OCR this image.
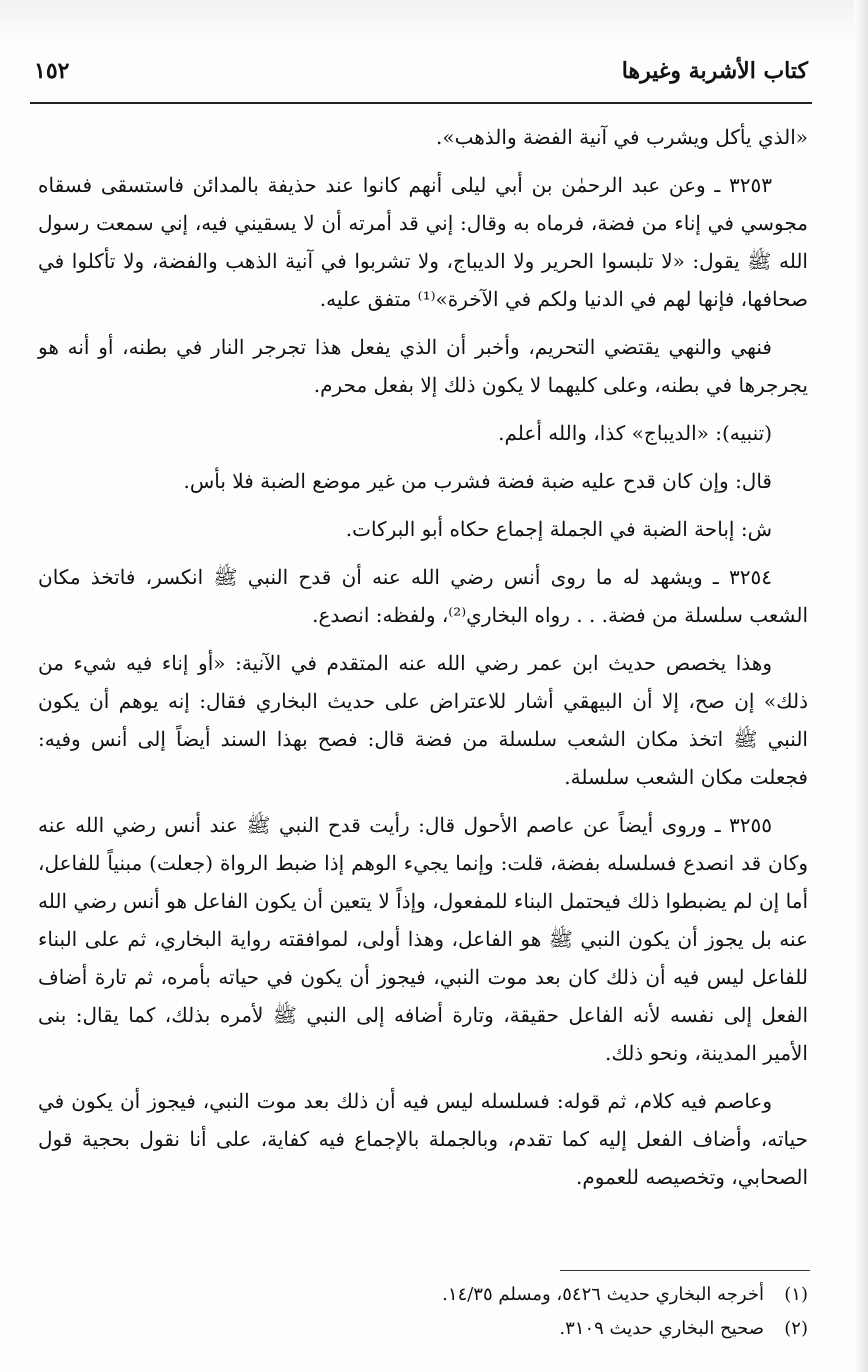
كتاب الأشربة وغيرها
١٥٢

«الذي يأكل ويشرب في آنية الفضة والذهب».

٣٢٥٣ ـ وعن عبد الرحمٰن بن أبي ليلى أنهم كانوا عند حذيفة بالمدائن فاستسقى فسقاه مجوسي في إناء من فضة، فرماه به وقال: إني قد أمرته أن لا يسقيني فيه، إني سمعت رسول الله ﷺ يقول: «لا تلبسوا الحرير ولا الديباج، ولا تشربوا في آنية الذهب والفضة، ولا تأكلوا في صحافها، فإنها لهم في الدنيا ولكم في الآخرة»⁽¹⁾ متفق عليه.

فنهي والنهي يقتضي التحريم، وأخبر أن الذي يفعل هذا تجرجر النار في بطنه، أو أنه هو يجرجرها في بطنه، وعلى كليهما لا يكون ذلك إلا بفعل محرم.

(تنبيه): «الديباج» كذا، والله أعلم.

قال: وإن كان قدح عليه ضبة فضة فشرب من غير موضع الضبة فلا بأس.

ش: إباحة الضبة في الجملة إجماع حكاه أبو البركات.

٣٢٥٤ ـ ويشهد له ما روى أنس رضي الله عنه أن قدح النبي ﷺ انكسر، فاتخذ مكان الشعب سلسلة من فضة. . . رواه البخاري⁽²⁾، ولفظه: انصدع.

وهذا يخصص حديث ابن عمر رضي الله عنه المتقدم في الآنية: «أو إناء فيه شيء من ذلك» إن صح، إلا أن البيهقي أشار للاعتراض على حديث البخاري فقال: إنه يوهم أن يكون النبي ﷺ اتخذ مكان الشعب سلسلة من فضة قال: فصح بهذا السند أيضاً إلى أنس وفيه: فجعلت مكان الشعب سلسلة.

٣٢٥٥ ـ وروى أيضاً عن عاصم الأحول قال: رأيت قدح النبي ﷺ عند أنس رضي الله عنه وكان قد انصدع فسلسله بفضة، قلت: وإنما يجيء الوهم إذا ضبط الرواة (جعلت) مبنياً للفاعل، أما إن لم يضبطوا ذلك فيحتمل البناء للمفعول، وإذاً لا يتعين أن يكون الفاعل هو أنس رضي الله عنه بل يجوز أن يكون النبي ﷺ هو الفاعل، وهذا أولى، لموافقته رواية البخاري، ثم على البناء للفاعل ليس فيه أن ذلك كان بعد موت النبي، فيجوز أن يكون في حياته بأمره، ثم تارة أضاف الفعل إلى نفسه لأنه الفاعل حقيقة، وتارة أضافه إلى النبي ﷺ لأمره بذلك، كما يقال: بنى الأمير المدينة، ونحو ذلك.

وعاصم فيه كلام، ثم قوله: فسلسله ليس فيه أن ذلك بعد موت النبي، فيجوز أن يكون في حياته، وأضاف الفعل إليه كما تقدم، وبالجملة بالإجماع فيه كفاية، على أنا نقول بحجية قول الصحابي، وتخصيصه للعموم.

(١)أخرجه البخاري حديث ٥٤٢٦، ومسلم ١٤/٣٥.
(٢)صحيح البخاري حديث ٣١٠٩.
